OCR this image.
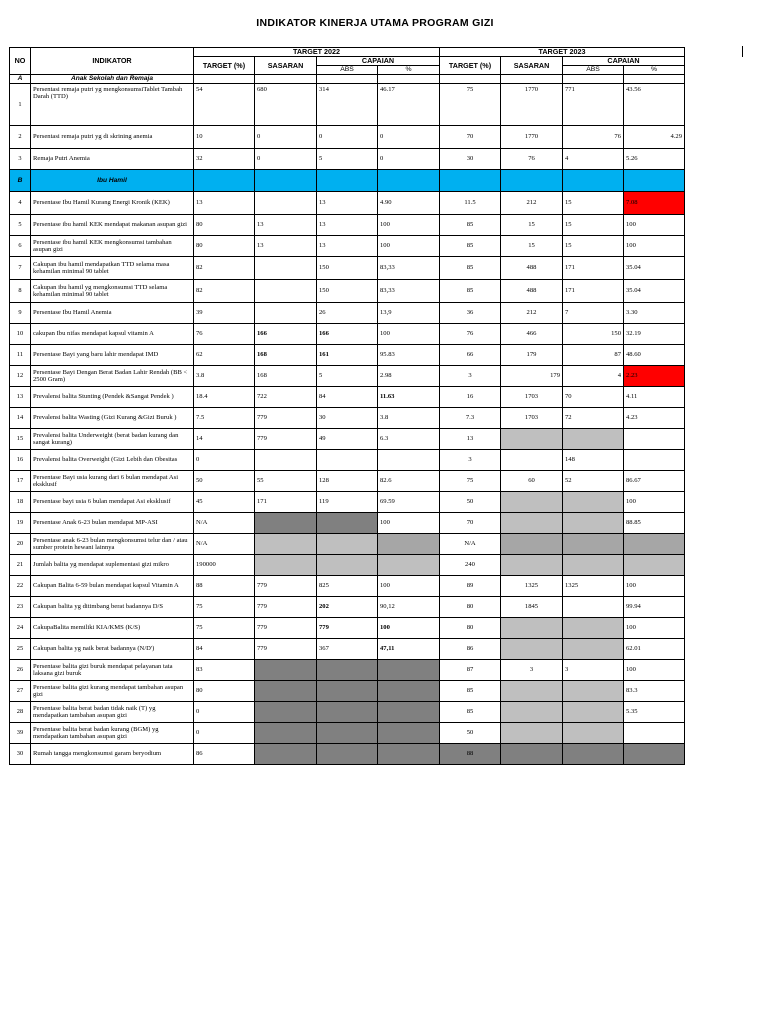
INDIKATOR KINERJA UTAMA PROGRAM GIZI
NO	INDIKATOR	TARGET 2022				TARGET 2023			
		TARGET (%)	SASARAN	CAPAIAN		TARGET (%)	SASARAN	CAPAIAN	
				ABS	%			ABS	%
A	Anak Sekolah dan Remaja								
1	Persentasi remaja putri yg mengkonsumsiTablet Tambah Darah (TTD)	54	680	314	46.17	75	1770	771	43.56
2	Persentasi remaja putri yg di skrining anemia	10	0	0	0	70	1770	76	4.29
3	Remaja Putri Anemia	32	0	5	0	30	76	4	5.26
B	Ibu Hamil								
4	Persentase Ibu Hamil Kurang Energi Kronik (KEK)	13		13	4.90	11.5	212	15	7.08
5	Persentase ibu hamil KEK mendapat makanan asupan gizi	80	13	13	100	85	15	15	100
6	Persentase ibu hamil KEK mengkonsumsi tambahan asupan gizi	80	13	13	100	85	15	15	100
7	Cakupan ibu hamil mendapatkan TTD selama masa kehamilan minimal 90 tablet	82		150	83,33	85	488	171	35.04
8	Cakupan ibu hamil yg mengkonsumsi TTD selama kehamilan minimal 90 tablet	82		150	83,33	85	488	171	35.04
9	Persentase Ibu Hamil Anemia	39		26	13,9	36	212	7	3.30
10	cakupan Ibu nifas mendapat kapsul vitamin A	76	166	166	100	76	466	150	32.19
11	Persentase Bayi yang baru lahir mendapat IMD	62	168	161	95.83	66	179	87	48.60
12	Persentase Bayi Dengan Berat Badan Lahir Rendah (BB < 2500 Gram)	3.8	168	5	2.98	3	179	4	2.23
13	Prevalensi balita Stunting (Pendek &Sangat Pendek )	18.4	722	84	11.63	16	1703	70	4.11
14	Prevalensi balita Wasting (Gizi Kurang &Gizi Buruk )	7.5	779	30	3.8	7.3	1703	72	4.23
15	Prevalensi balita Underweight (berat badan kurang dan sangat kurang)	14	779	49	6.3	13			
16	Prevalensi balita Overweight (Gizi Lebih dan Obesitas	0				3		148	
17	Persentase Bayi usia kurang dari 6 bulan mendapat Asi eksklusif	50	55	128	82.6	75	60	52	86.67
18	Persentase bayi usia 6 bulan mendapat Asi eksklusif	45	171	119	69.59	50			100
19	Persentase Anak 6-23 bulan mendapat MP-ASI	N/A			100	70			88.85
20	Persentase anak 6-23 bulan mengkonsumsi telur dan / atau sumber protein hewani lainnya	N/A				N/A			
21	Jumlah balita yg mendapat suplementasi gizi mikro	190000				240			
22	Cakupan Balita 6-59 bulan mendapat kapsul Vitamin A	88	779	825	100	89	1325	1325	100
23	Cakupan balita yg ditimbang berat badannya D/S	75	779	202	90,12	80	1845		99.94
24	CakupaBalita memiliki KIA/KMS (K/S)	75	779	779	100	80			100
25	Cakupan balita yg naik berat badannya (N/D')	84	779	367	47,11	86			62.01
26	Persentase balita gizi buruk mendapat pelayanan tata laksana gizi buruk	83				87	3	3	100
27	Persentase balita gizi kurang mendapat tambahan asupan gizi	80				85			83.3
28	Persentase balita berat badan tidak naik (T) yg mendapatkan tambahan asupan gizi	0				85			5.35
39	Persentase balita berat badan kurang (BGM) yg mendapatkan tambahan asupan gizi	0				50			
30	Rumah tangga mengkonsumsi garam beryodium	86				88			
